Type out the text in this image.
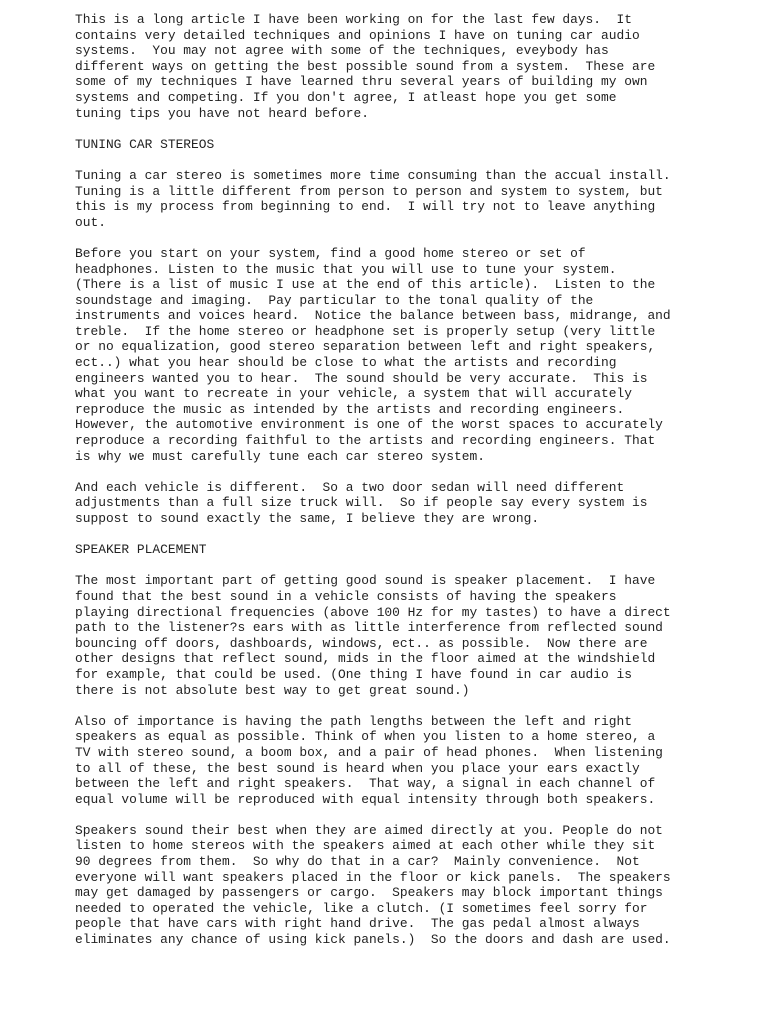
This is a long article I have been working on for the last few days.  It
contains very detailed techniques and opinions I have on tuning car audio
systems.  You may not agree with some of the techniques, eveybody has
different ways on getting the best possible sound from a system.  These are
some of my techniques I have learned thru several years of building my own
systems and competing. If you don't agree, I atleast hope you get some
tuning tips you have not heard before.

TUNING CAR STEREOS

Tuning a car stereo is sometimes more time consuming than the accual install.
Tuning is a little different from person to person and system to system, but
this is my process from beginning to end.  I will try not to leave anything
out.

Before you start on your system, find a good home stereo or set of
headphones. Listen to the music that you will use to tune your system.
(There is a list of music I use at the end of this article).  Listen to the
soundstage and imaging.  Pay particular to the tonal quality of the
instruments and voices heard.  Notice the balance between bass, midrange, and
treble.  If the home stereo or headphone set is properly setup (very little
or no equalization, good stereo separation between left and right speakers,
ect..) what you hear should be close to what the artists and recording
engineers wanted you to hear.  The sound should be very accurate.  This is
what you want to recreate in your vehicle, a system that will accurately
reproduce the music as intended by the artists and recording engineers.
However, the automotive environment is one of the worst spaces to accurately
reproduce a recording faithful to the artists and recording engineers. That
is why we must carefully tune each car stereo system.

And each vehicle is different.  So a two door sedan will need different
adjustments than a full size truck will.  So if people say every system is
suppost to sound exactly the same, I believe they are wrong.

SPEAKER PLACEMENT

The most important part of getting good sound is speaker placement.  I have
found that the best sound in a vehicle consists of having the speakers
playing directional frequencies (above 100 Hz for my tastes) to have a direct
path to the listener?s ears with as little interference from reflected sound
bouncing off doors, dashboards, windows, ect.. as possible.  Now there are
other designs that reflect sound, mids in the floor aimed at the windshield
for example, that could be used. (One thing I have found in car audio is
there is not absolute best way to get great sound.)

Also of importance is having the path lengths between the left and right
speakers as equal as possible. Think of when you listen to a home stereo, a
TV with stereo sound, a boom box, and a pair of head phones.  When listening
to all of these, the best sound is heard when you place your ears exactly
between the left and right speakers.  That way, a signal in each channel of
equal volume will be reproduced with equal intensity through both speakers.

Speakers sound their best when they are aimed directly at you. People do not
listen to home stereos with the speakers aimed at each other while they sit
90 degrees from them.  So why do that in a car?  Mainly convenience.  Not
everyone will want speakers placed in the floor or kick panels.  The speakers
may get damaged by passengers or cargo.  Speakers may block important things
needed to operated the vehicle, like a clutch. (I sometimes feel sorry for
people that have cars with right hand drive.  The gas pedal almost always
eliminates any chance of using kick panels.)  So the doors and dash are used.
